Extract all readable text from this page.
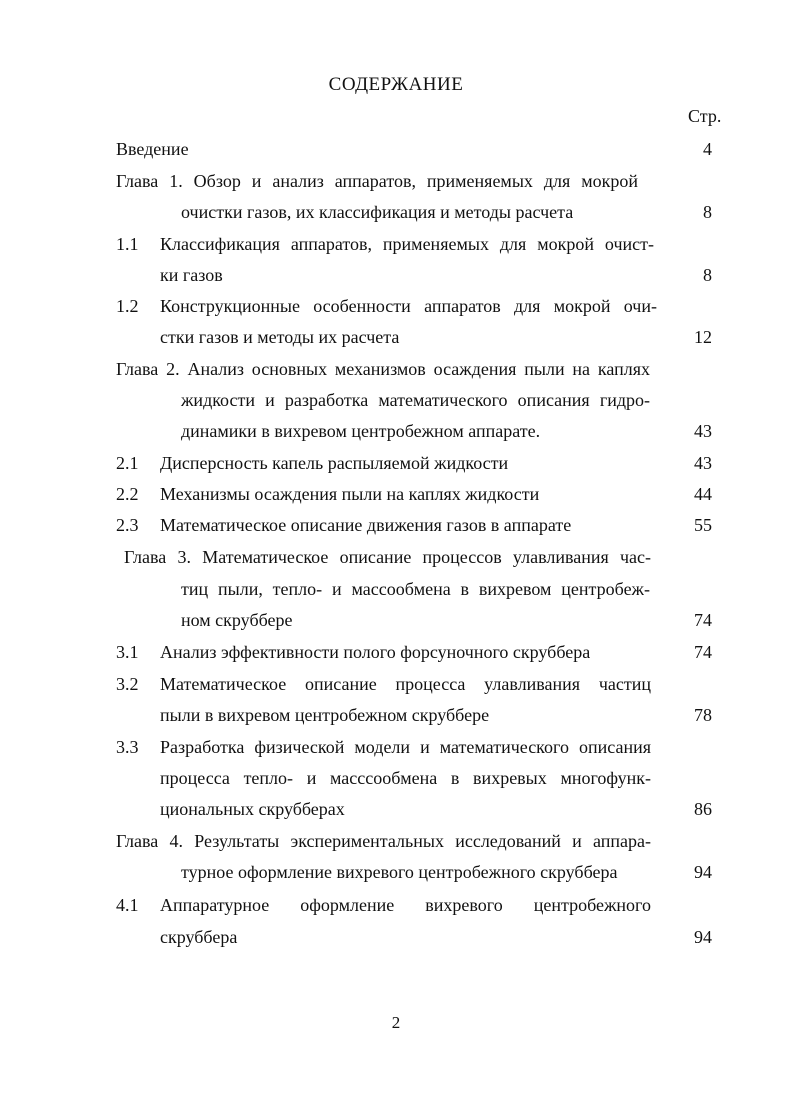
СОДЕРЖАНИЕ
Стр.
Введение	4
Глава 1. Обзор и анализ аппаратов, применяемых для мокрой
очистки газов, их классификация и методы расчета	8
1.1 Классификация аппаратов, применяемых для мокрой очист-
ки газов	8
1.2 Конструкционные особенности аппаратов для мокрой очи-
стки газов и методы их расчета	12
Глава 2. Анализ основных механизмов осаждения пыли на каплях
жидкости и разработка математического описания гидро-
динамики в вихревом центробежном аппарате.	43
2.1 Дисперсность капель распыляемой жидкости	43
2.2 Механизмы осаждения пыли на каплях жидкости	44
2.3 Математическое описание движения газов в аппарате	55
Глава 3. Математическое описание процессов улавливания час-
тиц пыли, тепло- и массообмена в вихревом центробеж-
ном скруббере	74
3.1 Анализ эффективности полого форсуночного скруббера	74
3.2 Математическое описание процесса улавливания частиц
пыли в вихревом центробежном скруббере	78
3.3 Разработка физической модели и математического описания
процесса тепло- и масссообмена в вихревых многофунк-
циональных скрубберах	86
Глава 4. Результаты экспериментальных исследований и аппара-
турное оформление вихревого центробежного скруббера	94
4.1 Аппаратурное оформление вихревого центробежного
скруббера	94
2
